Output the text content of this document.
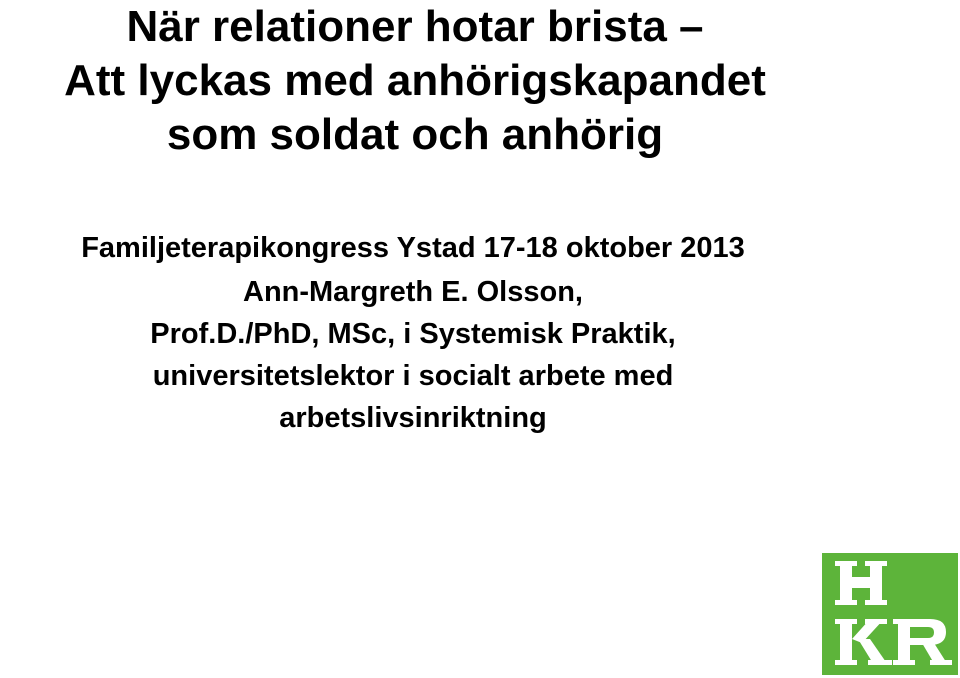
När relationer hotar brista –
Att lyckas med anhörigskapandet
som soldat och anhörig
Familjeterapikongress Ystad 17-18 oktober 2013
Ann-Margreth E. Olsson,
Prof.D./PhD, MSc, i Systemisk Praktik,
universitetslektor i socialt arbete med
arbetslivsinriktning
